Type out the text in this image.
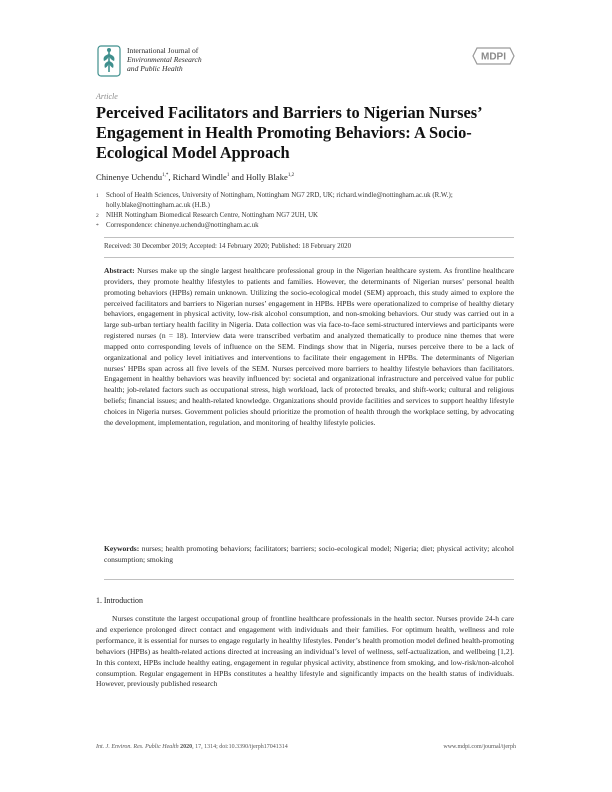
International Journal of
Environmental Research
and Public Health
MDPI
Article
Perceived Facilitators and Barriers to Nigerian Nurses’ Engagement in Health Promoting Behaviors: A Socio-Ecological Model Approach
Chinenye Uchendu$^{1,*}$, Richard Windle$^1$ and Holly Blake$^{1,2}$
1	School of Health Sciences, University of Nottingham, Nottingham NG7 2RD, UK; richard.windle@nottingham.ac.uk (R.W.); holly.blake@nottingham.ac.uk (H.B.)
2	NIHR Nottingham Biomedical Research Centre, Nottingham NG7 2UH, UK
*	Correspondence: chinenye.uchendu@nottingham.ac.uk
Received: 30 December 2019; Accepted: 14 February 2020; Published: 18 February 2020
Abstract: Nurses make up the single largest healthcare professional group in the Nigerian healthcare system. As frontline healthcare providers, they promote healthy lifestyles to patients and families. However, the determinants of Nigerian nurses’ personal health promoting behaviors (HPBs) remain unknown. Utilizing the socio-ecological model (SEM) approach, this study aimed to explore the perceived facilitators and barriers to Nigerian nurses’ engagement in HPBs. HPBs were operationalized to comprise of healthy dietary behaviors, engagement in physical activity, low-risk alcohol consumption, and non-smoking behaviors. Our study was carried out in a large sub-urban tertiary health facility in Nigeria. Data collection was via face-to-face semi-structured interviews and participants were registered nurses (n = 18). Interview data were transcribed verbatim and analyzed thematically to produce nine themes that were mapped onto corresponding levels of influence on the SEM. Findings show that in Nigeria, nurses perceive there to be a lack of organizational and policy level initiatives and interventions to facilitate their engagement in HPBs. The determinants of Nigerian nurses’ HPBs span across all five levels of the SEM. Nurses perceived more barriers to healthy lifestyle behaviors than facilitators. Engagement in healthy behaviors was heavily influenced by: societal and organizational infrastructure and perceived value for public health; job-related factors such as occupational stress, high workload, lack of protected breaks, and shift-work; cultural and religious beliefs; financial issues; and health-related knowledge. Organizations should provide facilities and services to support healthy lifestyle choices in Nigeria nurses. Government policies should prioritize the promotion of health through the workplace setting, by advocating the development, implementation, regulation, and monitoring of healthy lifestyle policies.
Keywords: nurses; health promoting behaviors; facilitators; barriers; socio-ecological model; Nigeria; diet; physical activity; alcohol consumption; smoking
1. Introduction
Nurses constitute the largest occupational group of frontline healthcare professionals in the health sector. Nurses provide 24-h care and experience prolonged direct contact and engagement with individuals and their families. For optimum health, wellness and role performance, it is essential for nurses to engage regularly in healthy lifestyles. Pender’s health promotion model defined health-promoting behaviors (HPBs) as health-related actions directed at increasing an individual’s level of wellness, self-actualization, and wellbeing [1,2]. In this context, HPBs include healthy eating, engagement in regular physical activity, abstinence from smoking, and low-risk/non-alcohol consumption. Regular engagement in HPBs constitutes a healthy lifestyle and significantly impacts on the health status of individuals. However, previously published research
Int. J. Environ. Res. Public Health 2020, 17, 1314; doi:10.3390/ijerph17041314	www.mdpi.com/journal/ijerph
